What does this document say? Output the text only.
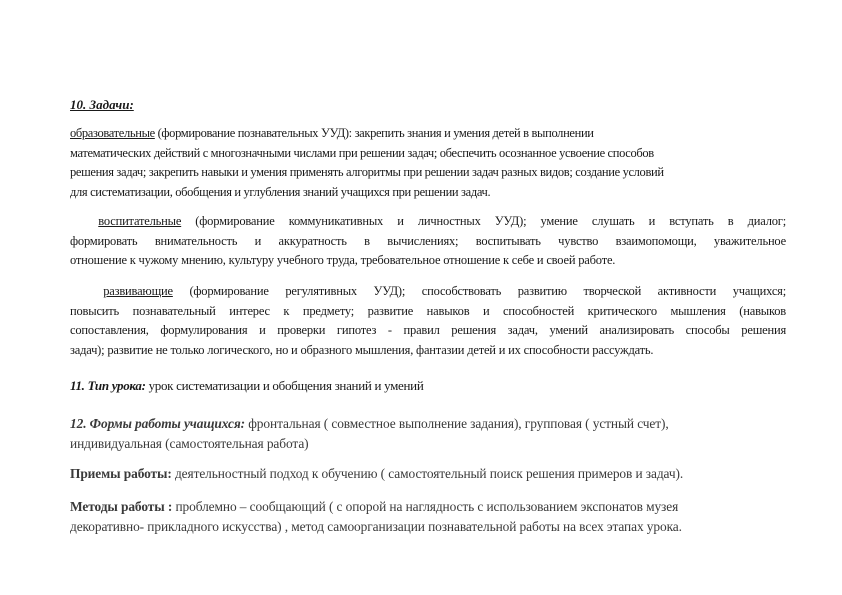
10. Задачи:
образовательные (формирование познавательных УУД): закрепить знания и умения детей в выполнении
математических действий с многозначными числами при решении задач; обеспечить осознанное усвоение способов
решения задач; закрепить навыки и умения применять алгоритмы при решении задач разных видов; создание условий
для систематизации, обобщения и углубления знаний учащихся при решении задач.
воспитательные (формирование коммуникативных и личностных УУД); умение слушать и вступать в диалог;
формировать внимательность и аккуратность в вычислениях; воспитывать чувство взаимопомощи, уважительное
отношение к чужому мнению, культуру учебного труда, требовательное отношение к себе и своей работе.
развивающие (формирование регулятивных УУД); способствовать развитию творческой активности учащихся;
повысить познавательный интерес к предмету; развитие навыков и способностей критического мышления (навыков
сопоставления, формулирования и проверки гипотез - правил решения задач, умений анализировать способы решения
задач); развитие не только логического, но и образного мышления, фантазии детей и их способности рассуждать.
11. Тип урока: урок систематизации и обобщения знаний и умений
12. Формы работы учащихся: фронтальная ( совместное выполнение задания), групповая ( устный счет),
индивидуальная (самостоятельная работа)
Приемы работы: деятельностный подход к обучению ( самостоятельный поиск решения примеров и задач).
Методы работы : проблемно – сообщающий ( с опорой на наглядность с использованием экспонатов музея
декоративно- прикладного искусства) , метод самоорганизации познавательной работы на всех этапах урока.
